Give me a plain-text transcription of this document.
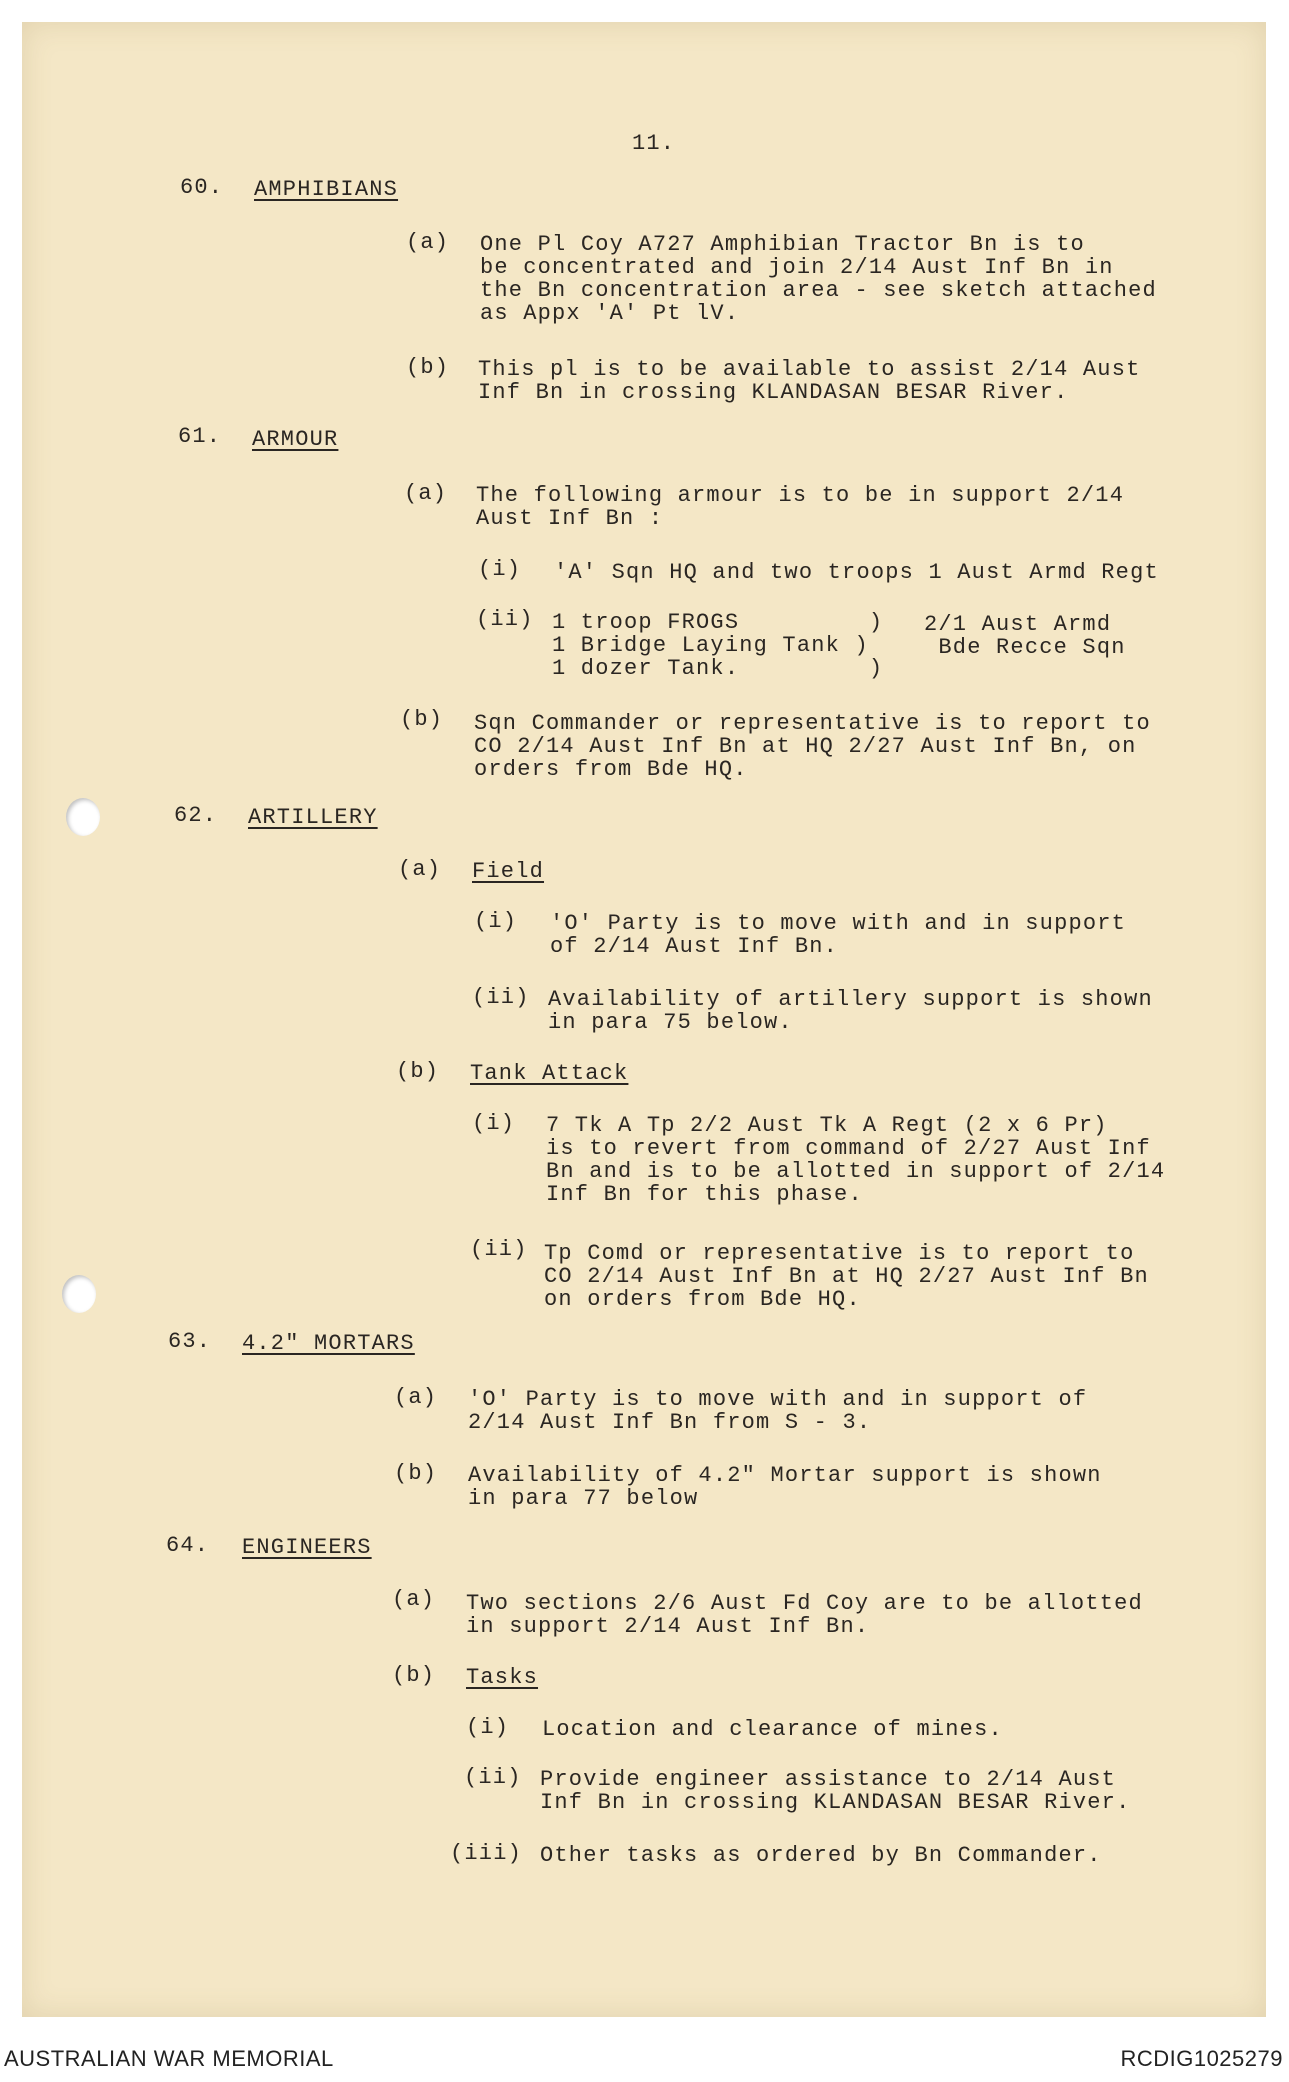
11.
60. AMPHIBIANS
(a) One Pl Coy A727 Amphibian Tractor Bn is to
be concentrated and join 2/14 Aust Inf Bn in
the Bn concentration area - see sketch attached
as Appx 'A' Pt lV.
(b) This pl is to be available to assist 2/14 Aust
Inf Bn in crossing KLANDASAN BESAR River.
61. ARMOUR
(a) The following armour is to be in support 2/14
Aust Inf Bn :
(i) 'A' Sqn HQ and two troops 1 Aust Armd Regt
(ii) 1 troop FROGS         )
1 Bridge Laying Tank )
1 dozer Tank.         )
2/1 Aust Armd
Bde Recce Sqn
(b) Sqn Commander or representative is to report to
CO 2/14 Aust Inf Bn at HQ 2/27 Aust Inf Bn, on
orders from Bde HQ.
62. ARTILLERY
(a) Field
(i) 'O' Party is to move with and in support
of 2/14 Aust Inf Bn.
(ii) Availability of artillery support is shown
in para 75 below.
(b) Tank Attack
(i) 7 Tk A Tp 2/2 Aust Tk A Regt (2 x 6 Pr)
is to revert from command of 2/27 Aust Inf
Bn and is to be allotted in support of 2/14
Inf Bn for this phase.
(ii) Tp Comd or representative is to report to
CO 2/14 Aust Inf Bn at HQ 2/27 Aust Inf Bn
on orders from Bde HQ.
63. 4.2" MORTARS
(a) 'O' Party is to move with and in support of
2/14 Aust Inf Bn from S - 3.
(b) Availability of 4.2" Mortar support is shown
in para 77 below
64. ENGINEERS
(a) Two sections 2/6 Aust Fd Coy are to be allotted
in support 2/14 Aust Inf Bn.
(b) Tasks
(i) Location and clearance of mines.
(ii) Provide engineer assistance to 2/14 Aust
Inf Bn in crossing KLANDASAN BESAR River.
(iii) Other tasks as ordered by Bn Commander.
AUSTRALIAN WAR MEMORIAL	RCDIG1025279
